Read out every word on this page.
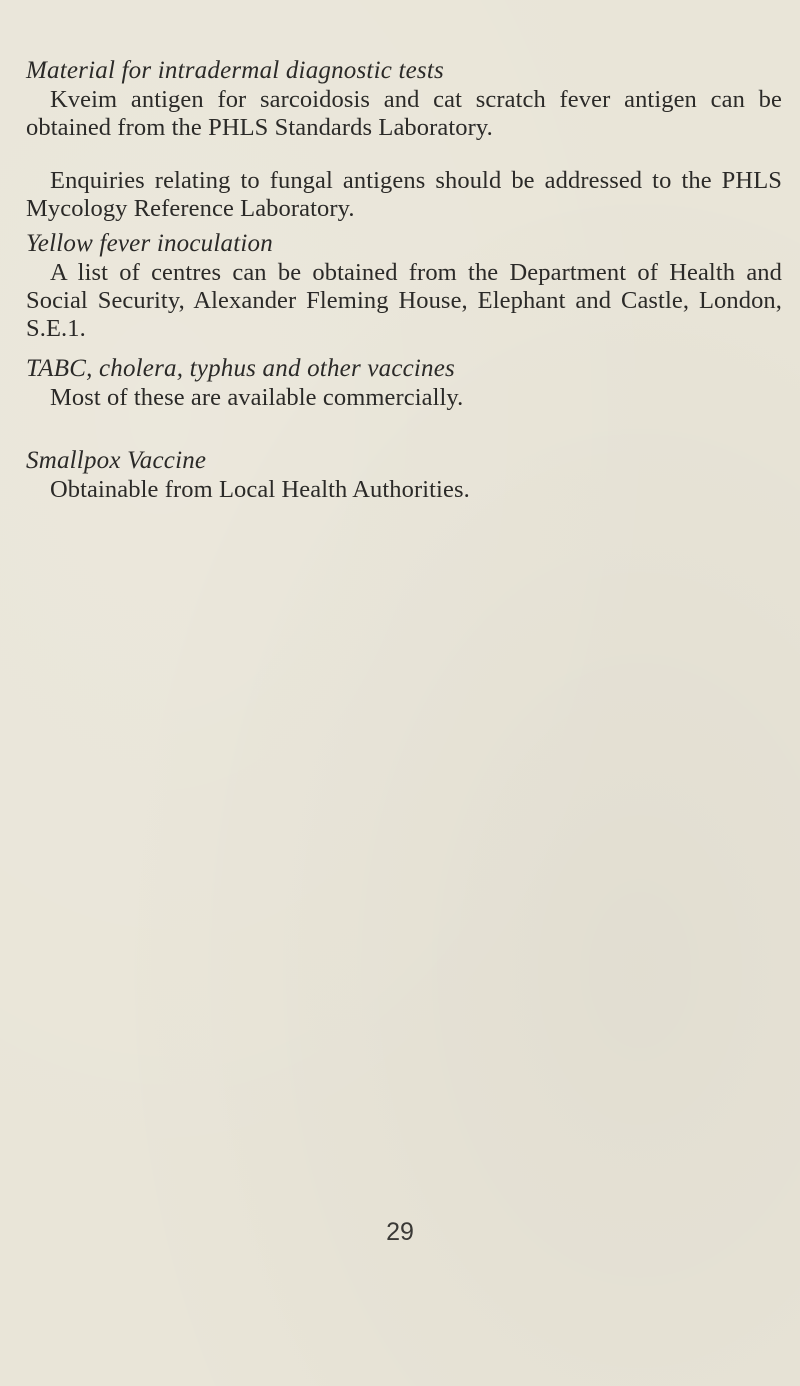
Material for intradermal diagnostic tests

Kveim antigen for sarcoidosis and cat scratch fever antigen can be obtained from the PHLS Standards Laboratory.

Enquiries relating to fungal antigens should be addressed to the PHLS Mycology Reference Laboratory.

Yellow fever inoculation

A list of centres can be obtained from the Department of Health and Social Security, Alexander Fleming House, Elephant and Castle, London, S.E.1.

TABC, cholera, typhus and other vaccines

Most of these are available commercially.

Smallpox Vaccine

Obtainable from Local Health Authorities.

29
